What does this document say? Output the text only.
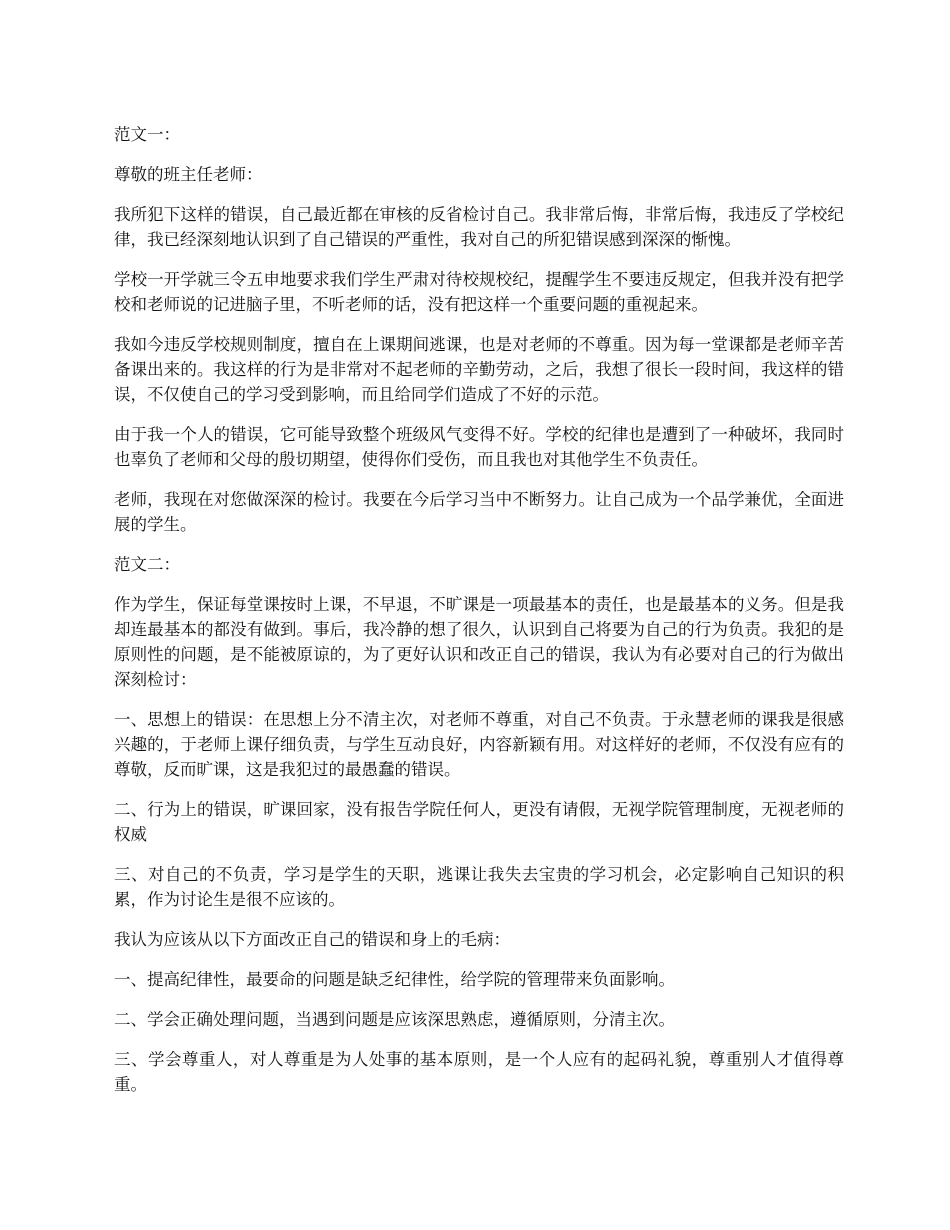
范文一：

尊敬的班主任老师：

我所犯下这样的错误，自己最近都在审核的反省检讨自己。我非常后悔，非常后悔，我违反了学校纪律，我已经深刻地认识到了自己错误的严重性，我对自己的所犯错误感到深深的惭愧。

学校一开学就三令五申地要求我们学生严肃对待校规校纪，提醒学生不要违反规定，但我并没有把学校和老师说的记进脑子里，不听老师的话，没有把这样一个重要问题的重视起来。

我如今违反学校规则制度，擅自在上课期间逃课，也是对老师的不尊重。因为每一堂课都是老师辛苦备课出来的。我这样的行为是非常对不起老师的辛勤劳动，之后，我想了很长一段时间，我这样的错误，不仅使自己的学习受到影响，而且给同学们造成了不好的示范。

由于我一个人的错误，它可能导致整个班级风气变得不好。学校的纪律也是遭到了一种破坏，我同时也辜负了老师和父母的殷切期望，使得你们受伤，而且我也对其他学生不负责任。

老师，我现在对您做深深的检讨。我要在今后学习当中不断努力。让自己成为一个品学兼优，全面进展的学生。

范文二：

作为学生，保证每堂课按时上课，不早退，不旷课是一项最基本的责任，也是最基本的义务。但是我却连最基本的都没有做到。事后，我冷静的想了很久，认识到自己将要为自己的行为负责。我犯的是原则性的问题，是不能被原谅的，为了更好认识和改正自己的错误，我认为有必要对自己的行为做出深刻检讨：

一、思想上的错误：在思想上分不清主次，对老师不尊重，对自己不负责。于永慧老师的课我是很感兴趣的，于老师上课仔细负责，与学生互动良好，内容新颖有用。对这样好的老师，不仅没有应有的尊敬，反而旷课，这是我犯过的最愚蠢的错误。

二、行为上的错误，旷课回家，没有报告学院任何人，更没有请假，无视学院管理制度，无视老师的权威

三、对自己的不负责，学习是学生的天职，逃课让我失去宝贵的学习机会，必定影响自己知识的积累，作为讨论生是很不应该的。

我认为应该从以下方面改正自己的错误和身上的毛病：

一、提高纪律性，最要命的问题是缺乏纪律性，给学院的管理带来负面影响。

二、学会正确处理问题，当遇到问题是应该深思熟虑，遵循原则，分清主次。

三、学会尊重人，对人尊重是为人处事的基本原则，是一个人应有的起码礼貌，尊重别人才值得尊重。
